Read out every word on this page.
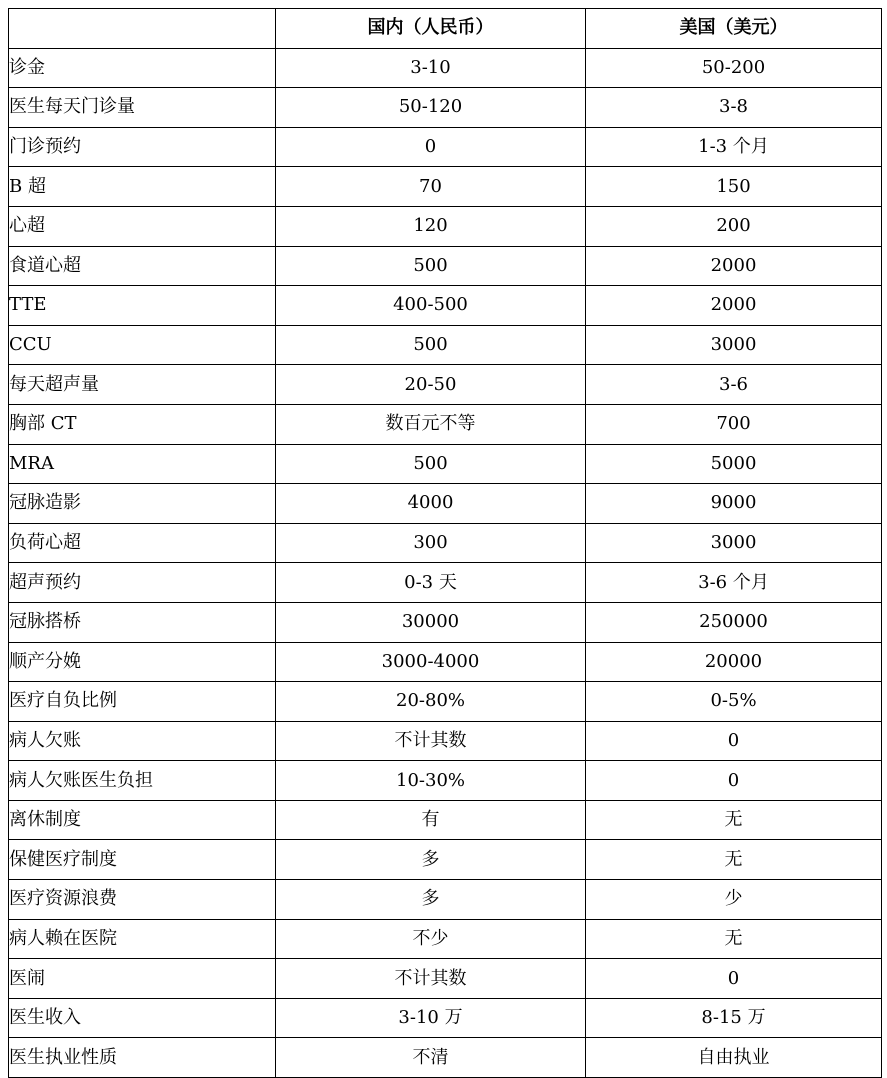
	国内（人民币）	美国（美元）
诊金	3-10	50-200
医生每天门诊量	50-120	3-8
门诊预约	0	1-3 个月
B 超	70	150
心超	120	200
食道心超	500	2000
TTE	400-500	2000
CCU	500	3000
每天超声量	20-50	3-6
胸部 CT	数百元不等	700
MRA	500	5000
冠脉造影	4000	9000
负荷心超	300	3000
超声预约	0-3 天	3-6 个月
冠脉搭桥	30000	250000
顺产分娩	3000-4000	20000
医疗自负比例	20-80%	0-5%
病人欠账	不计其数	0
病人欠账医生负担	10-30%	0
离休制度	有	无
保健医疗制度	多	无
医疗资源浪费	多	少
病人赖在医院	不少	无
医闹	不计其数	0
医生收入	3-10 万	8-15 万
医生执业性质	不清	自由执业
